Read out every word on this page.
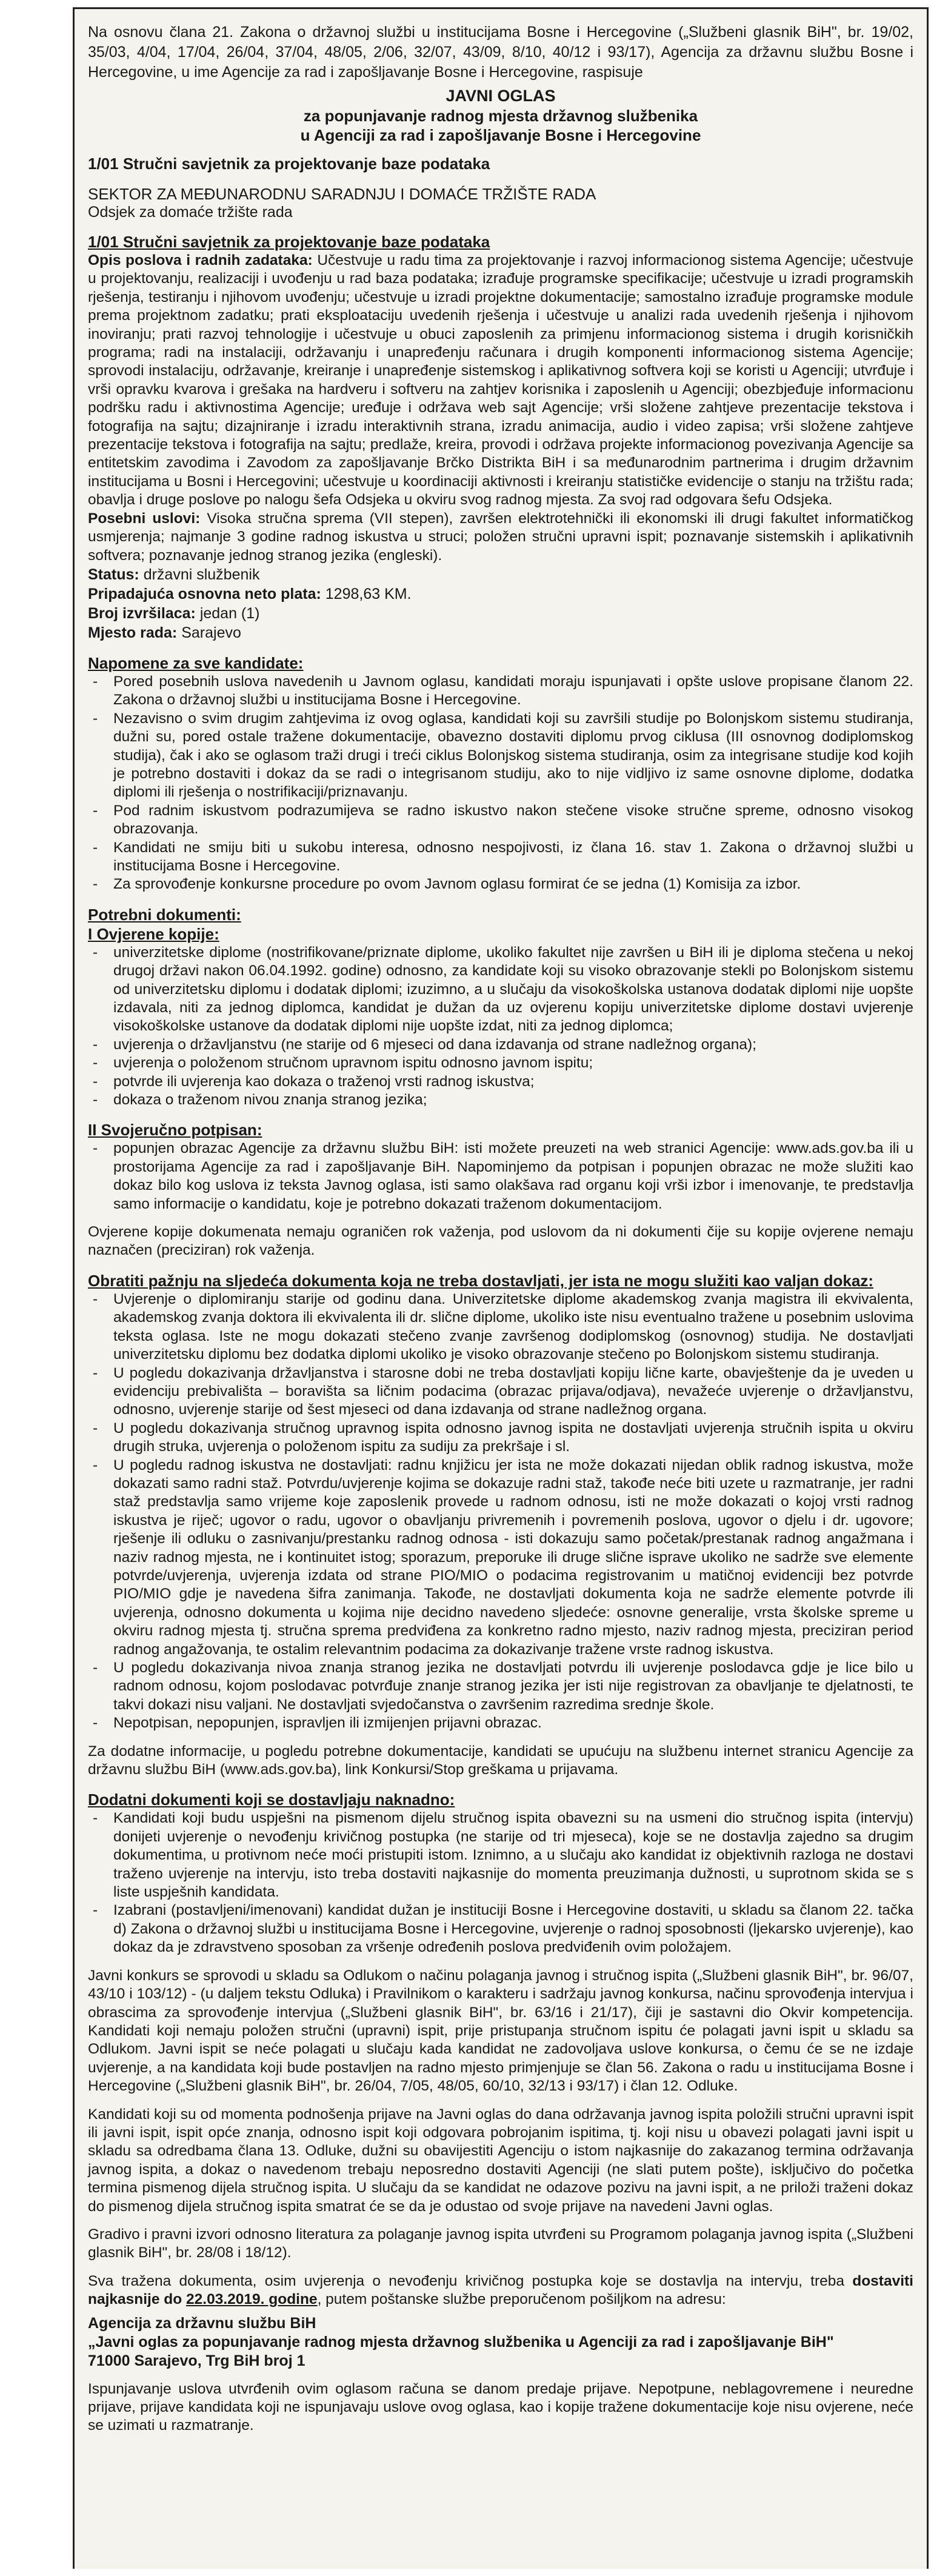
Na osnovu člana 21. Zakona o državnoj službi u institucijama Bosne i Hercegovine („Službeni glasnik BiH", br. 19/02, 35/03, 4/04, 17/04, 26/04, 37/04, 48/05, 2/06, 32/07, 43/09, 8/10, 40/12 i 93/17), Agencija za državnu službu Bosne i Hercegovine, u ime Agencije za rad i zapošljavanje Bosne i Hercegovine, raspisuje

JAVNI OGLAS

za popunjavanje radnog mjesta državnog službenika

u Agenciji za rad i zapošljavanje Bosne i Hercegovine

1/01 Stručni savjetnik za projektovanje baze podataka

SEKTOR ZA MEĐUNARODNU SARADNJU I DOMAĆE TRŽIŠTE RADA

Odsjek za domaće tržište rada

1/01 Stručni savjetnik za projektovanje baze podataka

Opis poslova i radnih zadataka: Učestvuje u radu tima za projektovanje i razvoj informacionog sistema Agencije; učestvuje u projektovanju, realizaciji i uvođenju u rad baza podataka; izrađuje programske specifikacije; učestvuje u izradi programskih rješenja, testiranju i njihovom uvođenju; učestvuje u izradi projektne dokumentacije; samostalno izrađuje programske module prema projektnom zadatku; prati eksploataciju uvedenih rješenja i učestvuje u analizi rada uvedenih rješenja i njihovom inoviranju; prati razvoj tehnologije i učestvuje u obuci zaposlenih za primjenu informacionog sistema i drugih korisničkih programa; radi na instalaciji, održavanju i unapređenju računara i drugih komponenti informacionog sistema Agencije; sprovodi instalaciju, održavanje, kreiranje i unapređenje sistemskog i aplikativnog softvera koji se koristi u Agenciji; utvrđuje i vrši opravku kvarova i grešaka na hardveru i softveru na zahtjev korisnika i zaposlenih u Agenciji; obezbjeđuje informacionu podršku radu i aktivnostima Agencije; uređuje i održava web sajt Agencije; vrši složene zahtjeve prezentacije tekstova i fotografija na sajtu; dizajniranje i izradu interaktivnih strana, izradu animacija, audio i video zapisa; vrši složene zahtjeve prezentacije tekstova i fotografija na sajtu; predlaže, kreira, provodi i održava projekte informacionog povezivanja Agencije sa entitetskim zavodima i Zavodom za zapošljavanje Brčko Distrikta BiH i sa međunarodnim partnerima i drugim državnim institucijama u Bosni i Hercegovini; učestvuje u koordinaciji aktivnosti i kreiranju statističke evidencije o stanju na tržištu rada; obavlja i druge poslove po nalogu šefa Odsjeka u okviru svog radnog mjesta. Za svoj rad odgovara šefu Odsjeka.

Posebni uslovi: Visoka stručna sprema (VII stepen), završen elektrotehnički ili ekonomski ili drugi fakultet informatičkog usmjerenja; najmanje 3 godine radnog iskustva u struci; položen stručni upravni ispit; poznavanje sistemskih i aplikativnih softvera; poznavanje jednog stranog jezika (engleski).

Status: državni službenik

Pripadajuća osnovna neto plata: 1298,63 KM.

Broj izvršilaca: jedan (1)

Mjesto rada: Sarajevo

Napomene za sve kandidate:

- Pored posebnih uslova navedenih u Javnom oglasu, kandidati moraju ispunjavati i opšte uslove propisane članom 22. Zakona o državnoj službi u institucijama Bosne i Hercegovine.
- Nezavisno o svim drugim zahtjevima iz ovog oglasa, kandidati koji su završili studije po Bolonjskom sistemu studiranja, dužni su, pored ostale tražene dokumentacije, obavezno dostaviti diplomu prvog ciklusa (III osnovnog dodiplomskog studija), čak i ako se oglasom traži drugi i treći ciklus Bolonjskog sistema studiranja, osim za integrisane studije kod kojih je potrebno dostaviti i dokaz da se radi o integrisanom studiju, ako to nije vidljivo iz same osnovne diplome, dodatka diplomi ili rješenja o nostrifikaciji/priznavanju.
- Pod radnim iskustvom podrazumijeva se radno iskustvo nakon stečene visoke stručne spreme, odnosno visokog obrazovanja.
- Kandidati ne smiju biti u sukobu interesa, odnosno nespojivosti, iz člana 16. stav 1. Zakona o državnoj službi u institucijama Bosne i Hercegovine.
- Za sprovođenje konkursne procedure po ovom Javnom oglasu formirat će se jedna (1) Komisija za izbor.

Potrebni dokumenti:

I Ovjerene kopije:

- univerzitetske diplome (nostrifikovane/priznate diplome, ukoliko fakultet nije završen u BiH ili je diploma stečena u nekoj drugoj državi nakon 06.04.1992. godine) odnosno, za kandidate koji su visoko obrazovanje stekli po Bolonjskom sistemu od univerzitetsku diplomu i dodatak diplomi; izuzimno, a u slučaju da visokoškolska ustanova dodatak diplomi nije uopšte izdavala, niti za jednog diplomca, kandidat je dužan da uz ovjerenu kopiju univerzitetske diplome dostavi uvjerenje visokoškolske ustanove da dodatak diplomi nije uopšte izdat, niti za jednog diplomca;
- uvjerenja o državljanstvu (ne starije od 6 mjeseci od dana izdavanja od strane nadležnog organa);
- uvjerenja o položenom stručnom upravnom ispitu odnosno javnom ispitu;
- potvrde ili uvjerenja kao dokaza o traženoj vrsti radnog iskustva;
- dokaza o traženom nivou znanja stranog jezika;

II Svojeručno potpisan:

- popunjen obrazac Agencije za državnu službu BiH: isti možete preuzeti na web stranici Agencije: www.ads.gov.ba ili u prostorijama Agencije za rad i zapošljavanje BiH. Napominjemo da potpisan i popunjen obrazac ne može služiti kao dokaz bilo kog uslova iz teksta Javnog oglasa, isti samo olakšava rad organu koji vrši izbor i imenovanje, te predstavlja samo informacije o kandidatu, koje je potrebno dokazati traženom dokumentacijom.

Ovjerene kopije dokumenata nemaju ograničen rok važenja, pod uslovom da ni dokumenti čije su kopije ovjerene nemaju naznačen (preciziran) rok važenja.

Obratiti pažnju na sljedeća dokumenta koja ne treba dostavljati, jer ista ne mogu služiti kao valjan dokaz:

- Uvjerenje o diplomiranju starije od godinu dana. Univerzitetske diplome akademskog zvanja magistra ili ekvivalenta, akademskog zvanja doktora ili ekvivalenta ili dr. slične diplome, ukoliko iste nisu eventualno tražene u posebnim uslovima teksta oglasa. Iste ne mogu dokazati stečeno zvanje završenog dodiplomskog (osnovnog) studija. Ne dostavljati univerzitetsku diplomu bez dodatka diplomi ukoliko je visoko obrazovanje stečeno po Bolonjskom sistemu studiranja.
- U pogledu dokazivanja državljanstva i starosne dobi ne treba dostavljati kopiju lične karte, obavještenje da je uveden u evidenciju prebivališta – boravišta sa ličnim podacima (obrazac prijava/odjava), nevažeće uvjerenje o državljanstvu, odnosno, uvjerenje starije od šest mjeseci od dana izdavanja od strane nadležnog organa.
- U pogledu dokazivanja stručnog upravnog ispita odnosno javnog ispita ne dostavljati uvjerenja stručnih ispita u okviru drugih struka, uvjerenja o položenom ispitu za sudiju za prekršaje i sl.
- U pogledu radnog iskustva ne dostavljati: radnu knjižicu jer ista ne može dokazati nijedan oblik radnog iskustva, može dokazati samo radni staž. Potvrdu/uvjerenje kojima se dokazuje radni staž, takođe neće biti uzete u razmatranje, jer radni staž predstavlja samo vrijeme koje zaposlenik provede u radnom odnosu, isti ne može dokazati o kojoj vrsti radnog iskustva je riječ; ugovor o radu, ugovor o obavljanju privremenih i povremenih poslova, ugovor o djelu i dr. ugovore; rješenje ili odluku o zasnivanju/prestanku radnog odnosa - isti dokazuju samo početak/prestanak radnog angažmana i naziv radnog mjesta, ne i kontinuitet istog; sporazum, preporuke ili druge slične isprave ukoliko ne sadrže sve elemente potvrde/uvjerenja, uvjerenja izdata od strane PIO/MIO o podacima registrovanim u matičnoj evidenciji bez potvrde PIO/MIO gdje je navedena šifra zanimanja. Takođe, ne dostavljati dokumenta koja ne sadrže elemente potvrde ili uvjerenja, odnosno dokumenta u kojima nije decidno navedeno sljedeće: osnovne generalije, vrsta školske spreme u okviru radnog mjesta tj. stručna sprema predviđena za konkretno radno mjesto, naziv radnog mjesta, preciziran period radnog angažovanja, te ostalim relevantnim podacima za dokazivanje tražene vrste radnog iskustva.
- U pogledu dokazivanja nivoa znanja stranog jezika ne dostavljati potvrdu ili uvjerenje poslodavca gdje je lice bilo u radnom odnosu, kojom poslodavac potvrđuje znanje stranog jezika jer isti nije registrovan za obavljanje te djelatnosti, te takvi dokazi nisu valjani. Ne dostavljati svjedočanstva o završenim razredima srednje škole.
- Nepotpisan, nepopunjen, ispravljen ili izmijenjen prijavni obrazac.

Za dodatne informacije, u pogledu potrebne dokumentacije, kandidati se upućuju na službenu internet stranicu Agencije za državnu službu BiH (www.ads.gov.ba), link Konkursi/Stop greškama u prijavama.

Dodatni dokumenti koji se dostavljaju naknadno:

- Kandidati koji budu uspješni na pismenom dijelu stručnog ispita obavezni su na usmeni dio stručnog ispita (intervju) donijeti uvjerenje o nevođenju krivičnog postupka (ne starije od tri mjeseca), koje se ne dostavlja zajedno sa drugim dokumentima, u protivnom neće moći pristupiti istom. Iznimno, a u slučaju ako kandidat iz objektivnih razloga ne dostavi traženo uvjerenje na intervju, isto treba dostaviti najkasnije do momenta preuzimanja dužnosti, u suprotnom skida se s liste uspješnih kandidata.
- Izabrani (postavljeni/imenovani) kandidat dužan je instituciji Bosne i Hercegovine dostaviti, u skladu sa članom 22. tačka d) Zakona o državnoj službi u institucijama Bosne i Hercegovine, uvjerenje o radnoj sposobnosti (ljekarsko uvjerenje), kao dokaz da je zdravstveno sposoban za vršenje određenih poslova predviđenih ovim položajem.

Javni konkurs se sprovodi u skladu sa Odlukom o načinu polaganja javnog i stručnog ispita („Službeni glasnik BiH", br. 96/07, 43/10 i 103/12) - (u daljem tekstu Odluka) i Pravilnikom o karakteru i sadržaju javnog konkursa, načinu sprovođenja intervjua i obrascima za sprovođenje intervjua („Službeni glasnik BiH", br. 63/16 i 21/17), čiji je sastavni dio Okvir kompetencija. Kandidati koji nemaju položen stručni (upravni) ispit, prije pristupanja stručnom ispitu će polagati javni ispit u skladu sa Odlukom. Javni ispit se neće polagati u slučaju kada kandidat ne zadovoljava uslove konkursa, o čemu će se ne izdaje uvjerenje, a na kandidata koji bude postavljen na radno mjesto primjenjuje se član 56. Zakona o radu u institucijama Bosne i Hercegovine („Službeni glasnik BiH", br. 26/04, 7/05, 48/05, 60/10, 32/13 i 93/17) i član 12. Odluke.

Kandidati koji su od momenta podnošenja prijave na Javni oglas do dana održavanja javnog ispita položili stručni upravni ispit ili javni ispit, ispit opće znanja, odnosno ispit koji odgovara pobrojanim ispitima, tj. koji nisu u obavezi polagati javni ispit u skladu sa odredbama člana 13. Odluke, dužni su obavijestiti Agenciju o istom najkasnije do zakazanog termina održavanja javnog ispita, a dokaz o navedenom trebaju neposredno dostaviti Agenciji (ne slati putem pošte), isključivo do početka termina pismenog dijela stručnog ispita. U slučaju da se kandidat ne odazove pozivu na javni ispit, a ne priloži traženi dokaz do pismenog dijela stručnog ispita smatrat će se da je odustao od svoje prijave na navedeni Javni oglas.

Gradivo i pravni izvori odnosno literatura za polaganje javnog ispita utvrđeni su Programom polaganja javnog ispita („Službeni glasnik BiH", br. 28/08 i 18/12).

Sva tražena dokumenta, osim uvjerenja o nevođenju krivičnog postupka koje se dostavlja na intervju, treba dostaviti najkasnije do 22.03.2019. godine, putem poštanske službe preporučenom pošiljkom na adresu:

Agencija za državnu službu BiH

„Javni oglas za popunjavanje radnog mjesta državnog službenika u Agenciji za rad i zapošljavanje BiH"

71000 Sarajevo, Trg BiH broj 1

Ispunjavanje uslova utvrđenih ovim oglasom računa se danom predaje prijave. Nepotpune, neblagovremene i neuredne prijave, prijave kandidata koji ne ispunjavaju uslove ovog oglasa, kao i kopije tražene dokumentacije koje nisu ovjerene, neće se uzimati u razmatranje.
